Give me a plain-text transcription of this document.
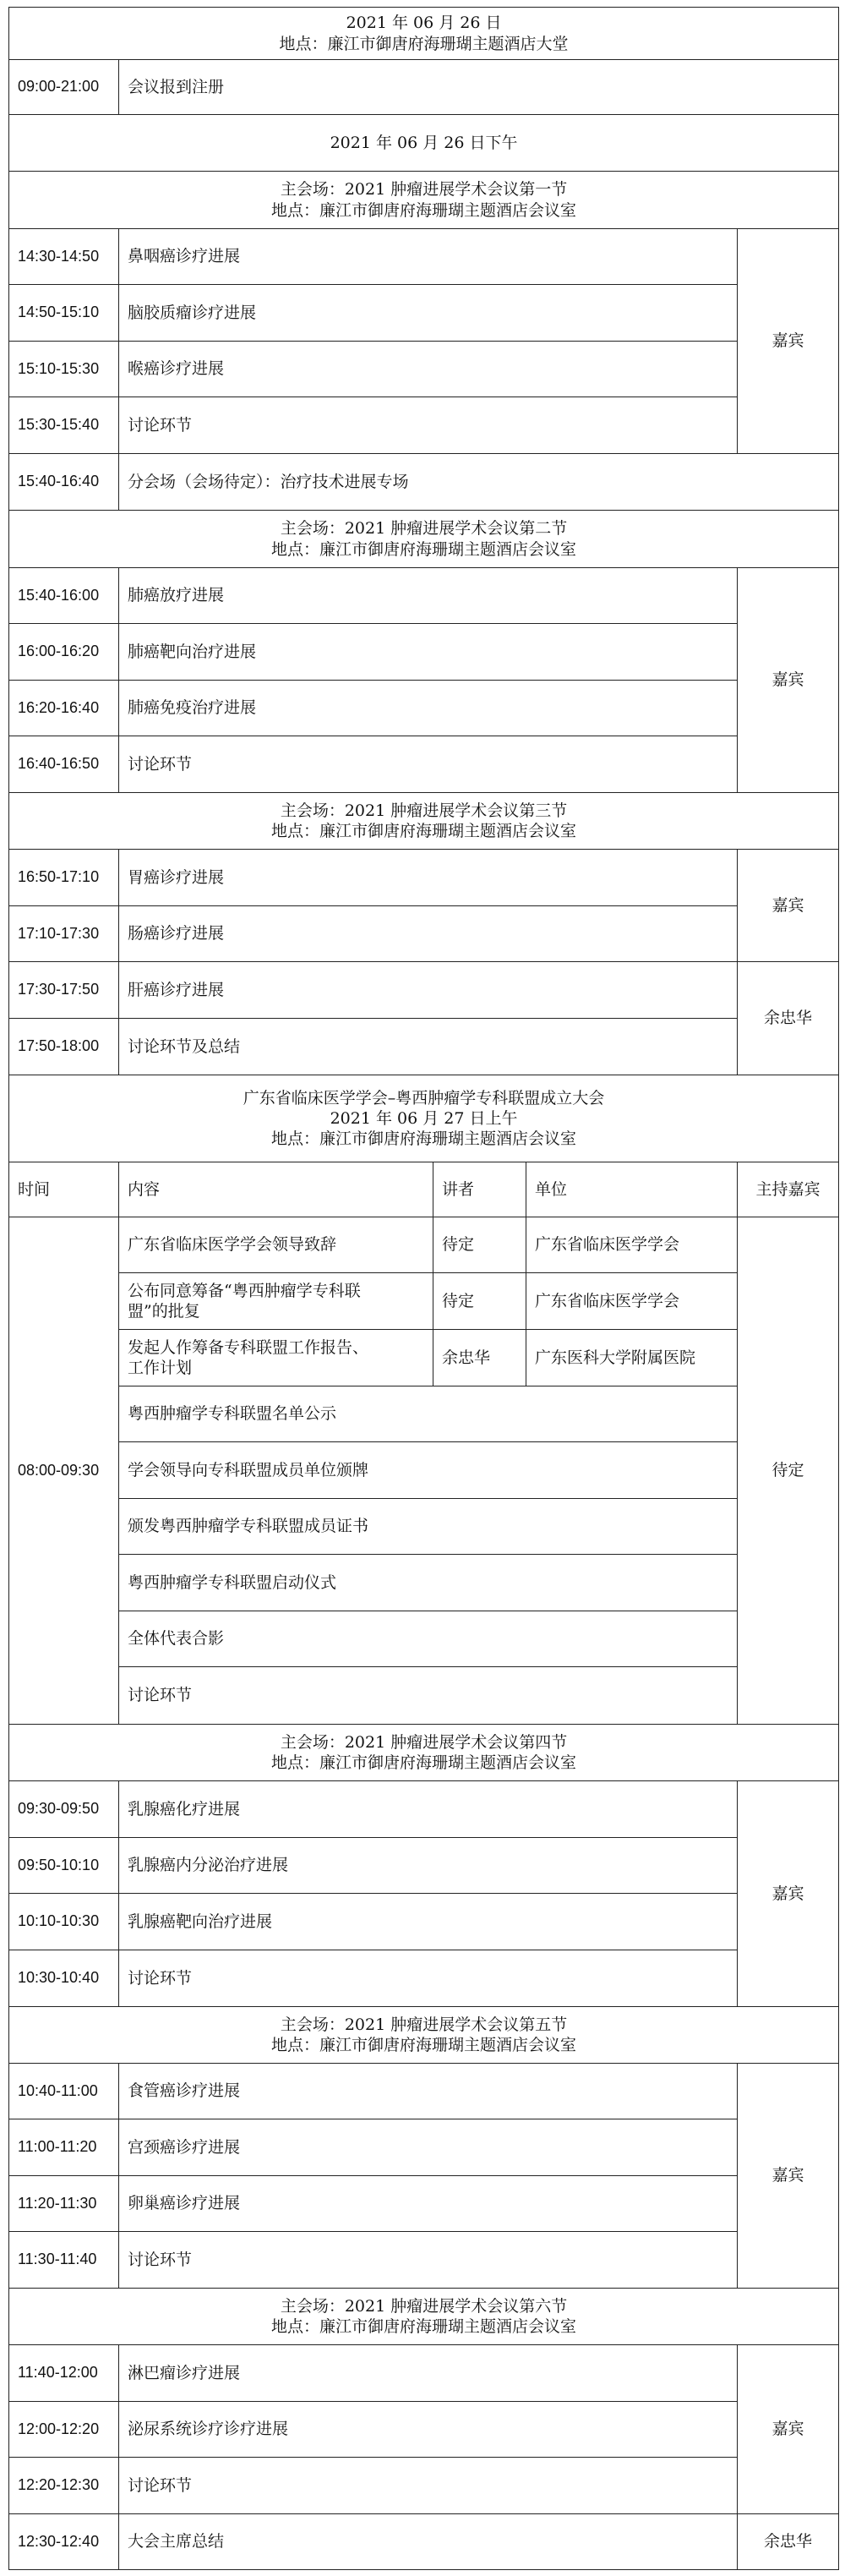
2021 年 06 月 26 日
地点：廉江市御唐府海珊瑚主题酒店大堂				

09:00-21:00	会议报到注册			
2021 年 06 月 26 日下午				

主会场：2021 肿瘤进展学术会议第一节
地点：廉江市御唐府海珊瑚主题酒店会议室				

14:30-14:50	鼻咽癌诊疗进展			嘉宾
14:50-15:10	脑胶质瘤诊疗进展			
15:10-15:30	喉癌诊疗进展			
15:30-15:40	讨论环节			
15:40-16:40	分会场（会场待定）：治疗技术进展专场			

主会场：2021 肿瘤进展学术会议第二节
地点：廉江市御唐府海珊瑚主题酒店会议室				

15:40-16:00	肺癌放疗进展			嘉宾
16:00-16:20	肺癌靶向治疗进展			
16:20-16:40	肺癌免疫治疗进展			
16:40-16:50	讨论环节			

主会场：2021 肿瘤进展学术会议第三节
地点：廉江市御唐府海珊瑚主题酒店会议室				

16:50-17:10	胃癌诊疗进展			嘉宾
17:10-17:30	肠癌诊疗进展			
17:30-17:50	肝癌诊疗进展			余忠华
17:50-18:00	讨论环节及总结			

广东省临床医学学会–粤西肿瘤学专科联盟成立大会
2021 年 06 月 27 日上午
地点：廉江市御唐府海珊瑚主题酒店会议室				

时间	内容	讲者	单位	主持嘉宾
08:00-09:30	广东省临床医学学会领导致辞	待定	广东省临床医学学会	待定

	公布同意筹备“粤西肿瘤学专科联
盟”的批复	待定	广东省临床医学学会	

	发起人作筹备专科联盟工作报告、
工作计划	余忠华	广东医科大学附属医院	
	粤西肿瘤学专科联盟名单公示			
	学会领导向专科联盟成员单位颁牌			
	颁发粤西肿瘤学专科联盟成员证书			
	粤西肿瘤学专科联盟启动仪式			
	全体代表合影			
	讨论环节			

主会场：2021 肿瘤进展学术会议第四节
地点：廉江市御唐府海珊瑚主题酒店会议室				

09:30-09:50	乳腺癌化疗进展			嘉宾
09:50-10:10	乳腺癌内分泌治疗进展			
10:10-10:30	乳腺癌靶向治疗进展			
10:30-10:40	讨论环节			

主会场：2021 肿瘤进展学术会议第五节
地点：廉江市御唐府海珊瑚主题酒店会议室				

10:40-11:00	食管癌诊疗进展			嘉宾
11:00-11:20	宫颈癌诊疗进展			
11:20-11:30	卵巢癌诊疗进展			
11:30-11:40	讨论环节			

主会场：2021 肿瘤进展学术会议第六节
地点：廉江市御唐府海珊瑚主题酒店会议室				

11:40-12:00	淋巴瘤诊疗进展			嘉宾
12:00-12:20	泌尿系统诊疗诊疗进展			
12:20-12:30	讨论环节			
12:30-12:40	大会主席总结			余忠华
